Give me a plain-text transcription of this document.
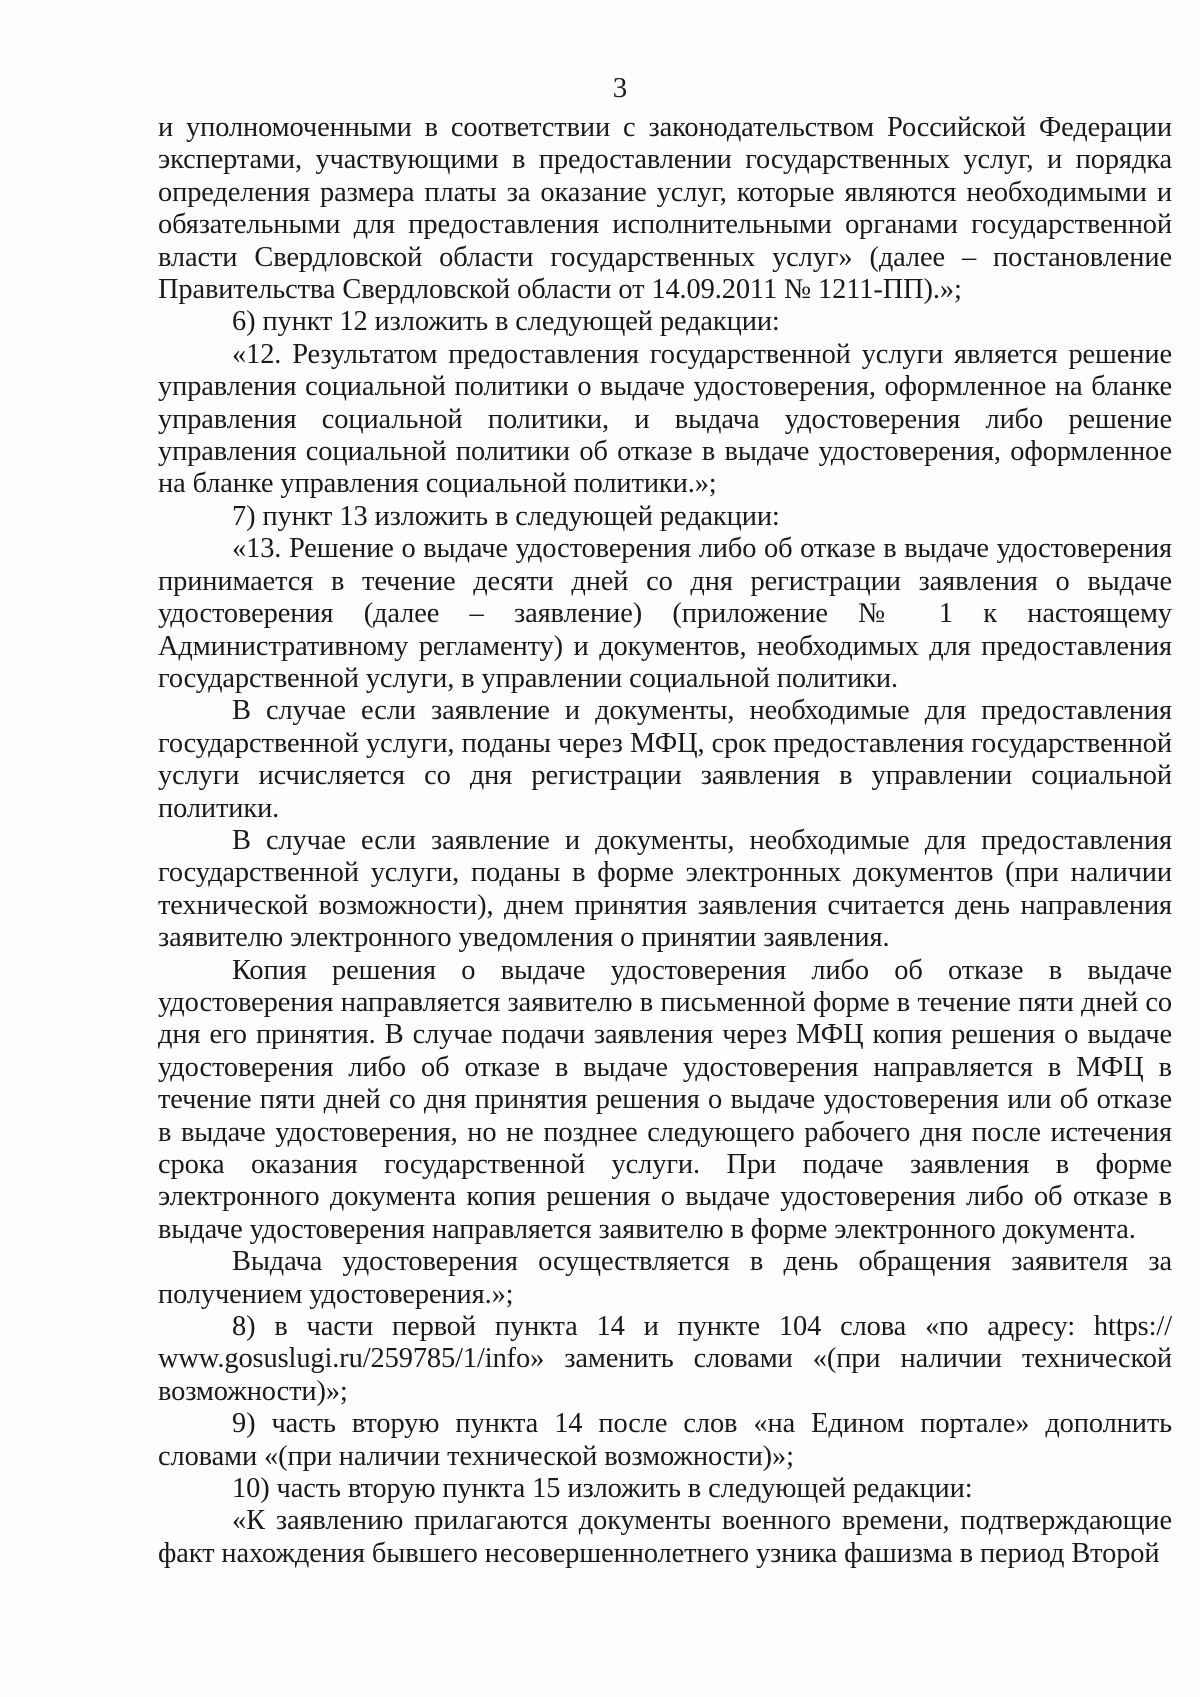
3

и уполномоченными в соответствии с законодательством Российской Федерации экспертами, участвующими в предоставлении государственных услуг, и порядка определения размера платы за оказание услуг, которые являются необходимыми и обязательными для предоставления исполнительными органами государственной власти Свердловской области государственных услуг» (далее – постановление Правительства Свердловской области от 14.09.2011 № 1211-ПП).»;

6) пункт 12 изложить в следующей редакции:

«12. Результатом предоставления государственной услуги является решение управления социальной политики о выдаче удостоверения, оформленное на бланке управления социальной политики, и выдача удостоверения либо решение управления социальной политики об отказе в выдаче удостоверения, оформленное на бланке управления социальной политики.»;

7) пункт 13 изложить в следующей редакции:

«13. Решение о выдаче удостоверения либо об отказе в выдаче удостоверения принимается в течение десяти дней со дня регистрации заявления о выдаче удостоверения (далее – заявление) (приложение № 1 к настоящему Административному регламенту) и документов, необходимых для предоставления государственной услуги, в управлении социальной политики.

В случае если заявление и документы, необходимые для предоставления государственной услуги, поданы через МФЦ, срок предоставления государственной услуги исчисляется со дня регистрации заявления в управлении социальной политики.

В случае если заявление и документы, необходимые для предоставления государственной услуги, поданы в форме электронных документов (при наличии технической возможности), днем принятия заявления считается день направления заявителю электронного уведомления о принятии заявления.

Копия решения о выдаче удостоверения либо об отказе в выдаче удостоверения направляется заявителю в письменной форме в течение пяти дней со дня его принятия. В случае подачи заявления через МФЦ копия решения о выдаче удостоверения либо об отказе в выдаче удостоверения направляется в МФЦ в течение пяти дней со дня принятия решения о выдаче удостоверения или об отказе в выдаче удостоверения, но не позднее следующего рабочего дня после истечения срока оказания государственной услуги. При подаче заявления в форме электронного документа копия решения о выдаче удостоверения либо об отказе в выдаче удостоверения направляется заявителю в форме электронного документа.

Выдача удостоверения осуществляется в день обращения заявителя за получением удостоверения.»;

8) в части первой пункта 14 и пункте 104 слова «по адресу: https:// www.gosuslugi.ru/259785/1/info» заменить словами «(при наличии технической возможности)»;

9) часть вторую пункта 14 после слов «на Едином портале» дополнить словами «(при наличии технической возможности)»;

10) часть вторую пункта 15 изложить в следующей редакции:

«К заявлению прилагаются документы военного времени, подтверждающие факт нахождения бывшего несовершеннолетнего узника фашизма в период Второй
